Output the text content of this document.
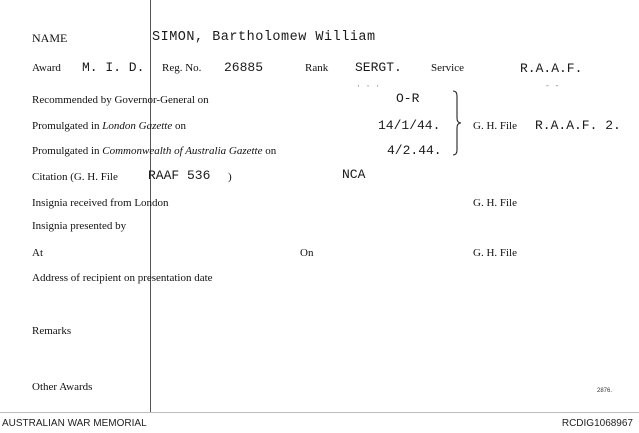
NAME	SIMON, Bartholomew William
Award M. I. D. Reg. No. 26885	Rank SERGT.	Service	R.A.A.F.
· · ·	- -
Recommended by Governor-General on	O-R
Promulgated in London Gazette on	14/1/44.	G. H. File R.A.A.F. 2.
Promulgated in Commonwealth of Australia Gazette on	4/2.44.
Citation (G. H. File RAAF 536 )	NCA
Insignia received from London	G. H. File
Insignia presented by
At	On	G. H. File
Address of recipient on presentation date
Remarks
Other Awards	2876.
AUSTRALIAN WAR MEMORIAL	RCDIG1068967
